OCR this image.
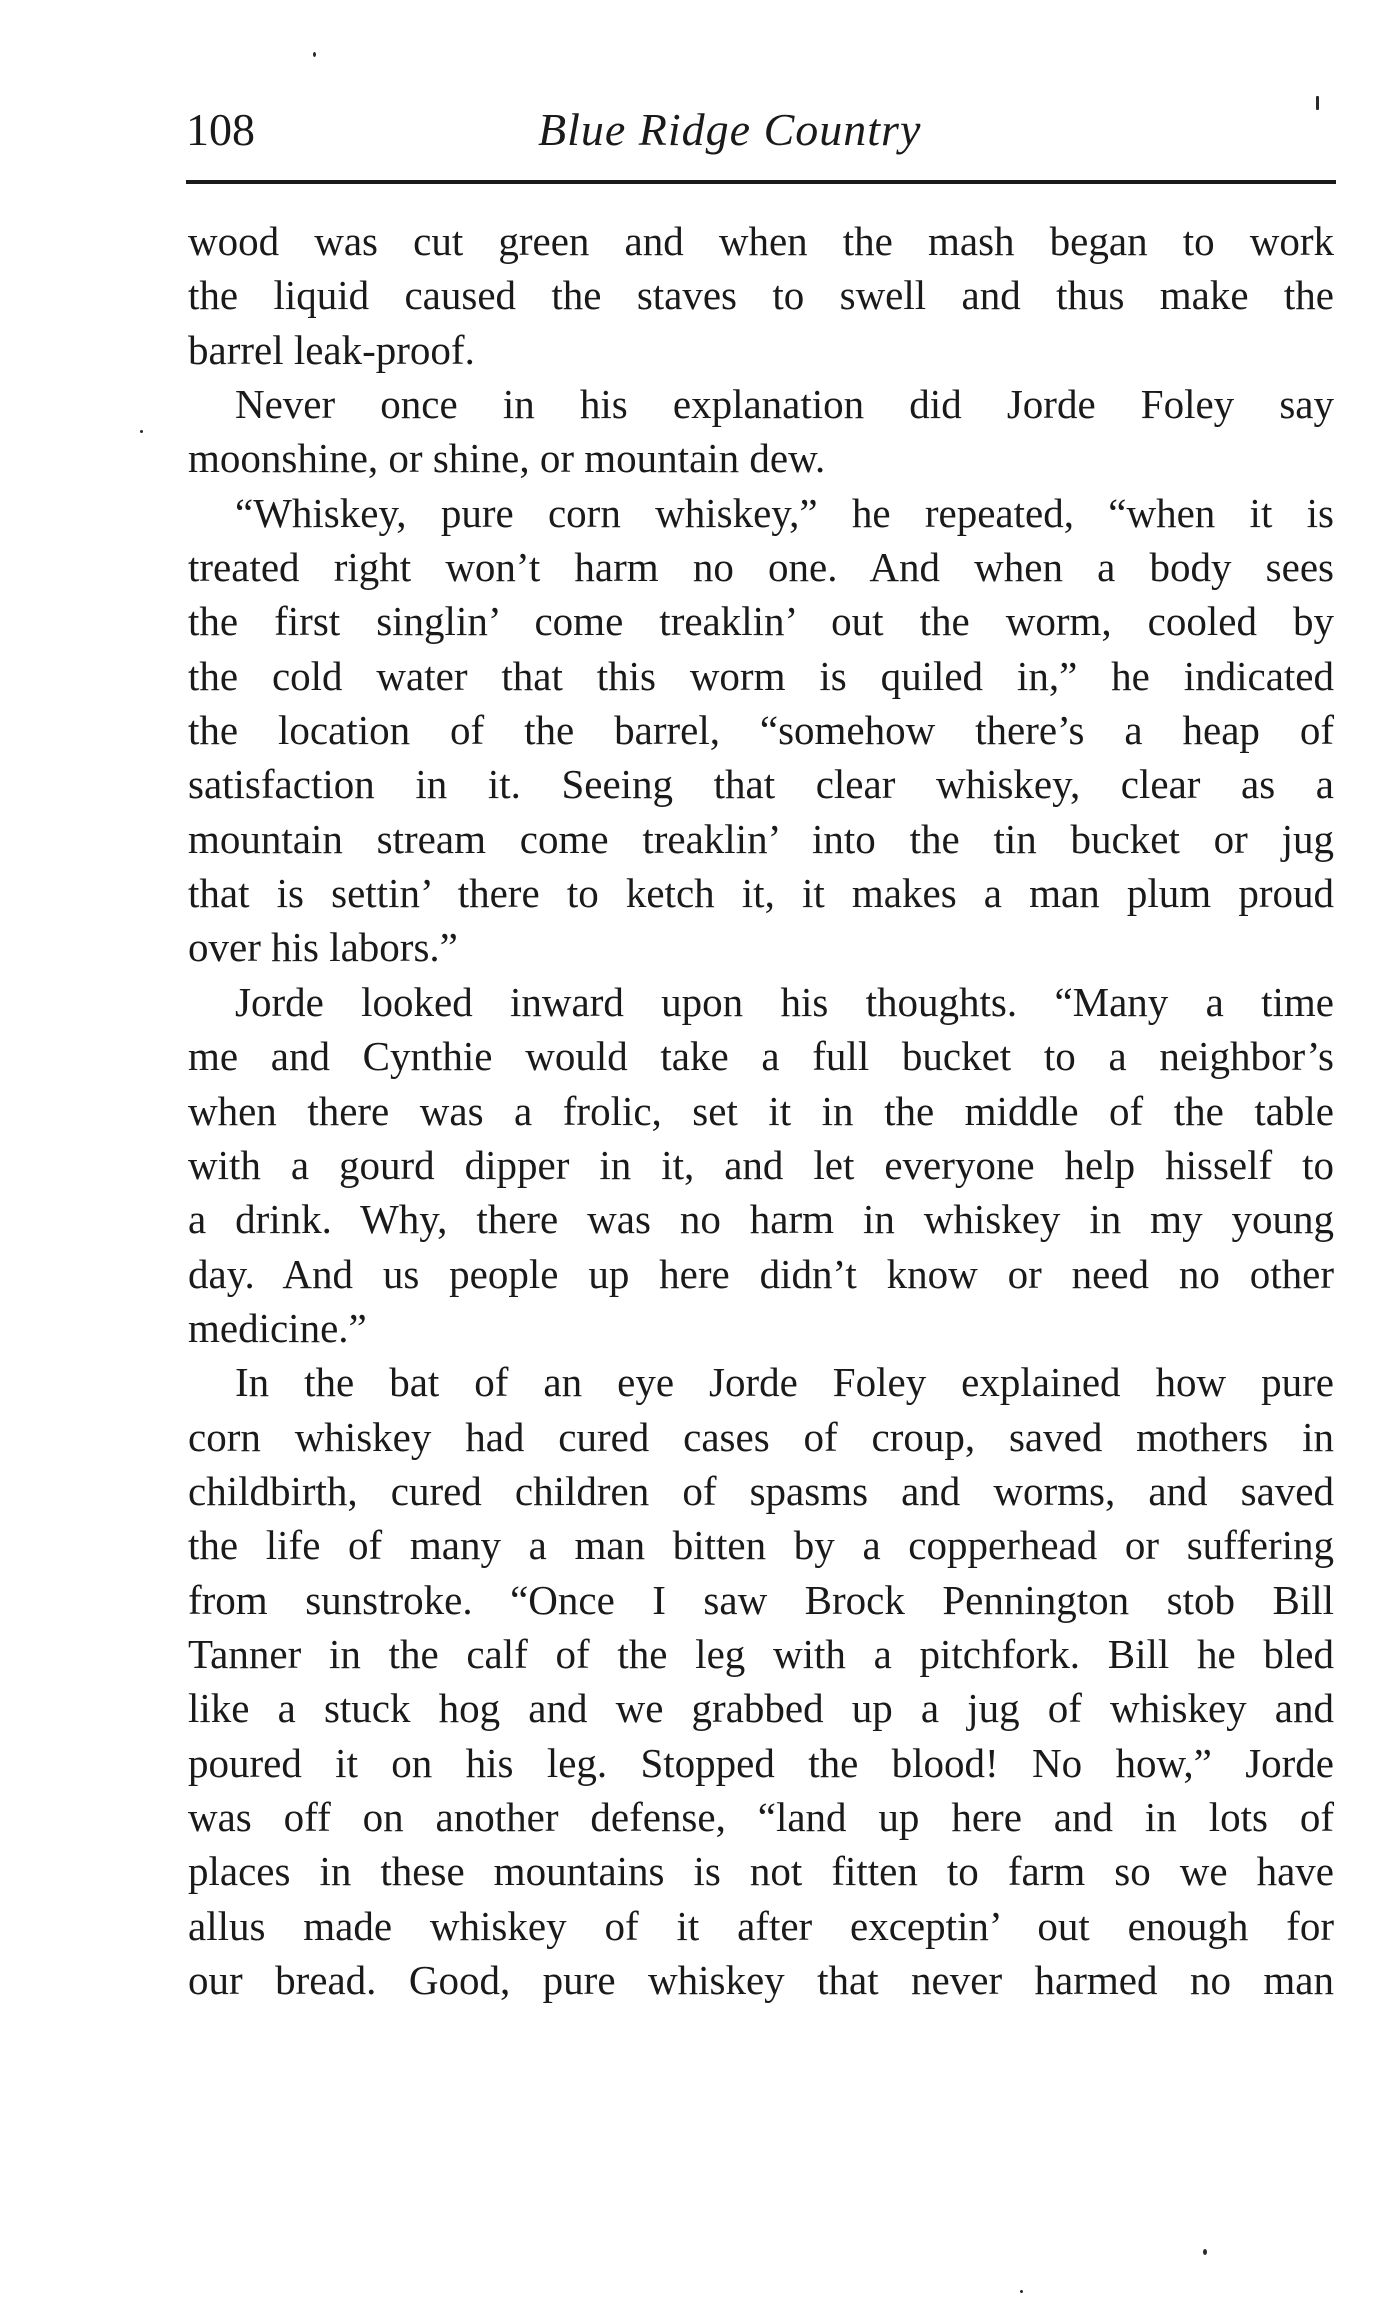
108	Blue Ridge Country
wood was cut green and when the mash began to work
the liquid caused the staves to swell and thus make the
barrel leak-proof.
Never once in his explanation did Jorde Foley say
moonshine, or shine, or mountain dew.
“Whiskey, pure corn whiskey,” he repeated, “when it is
treated right won’t harm no one. And when a body sees
the first singlin’ come treaklin’ out the worm, cooled by
the cold water that this worm is quiled in,” he indicated
the location of the barrel, “somehow there’s a heap of
satisfaction in it. Seeing that clear whiskey, clear as a
mountain stream come treaklin’ into the tin bucket or jug
that is settin’ there to ketch it, it makes a man plum proud
over his labors.”
Jorde looked inward upon his thoughts. “Many a time
me and Cynthie would take a full bucket to a neighbor’s
when there was a frolic, set it in the middle of the table
with a gourd dipper in it, and let everyone help hisself to
a drink. Why, there was no harm in whiskey in my young
day. And us people up here didn’t know or need no other
medicine.”
In the bat of an eye Jorde Foley explained how pure
corn whiskey had cured cases of croup, saved mothers in
childbirth, cured children of spasms and worms, and saved
the life of many a man bitten by a copperhead or suffering
from sunstroke. “Once I saw Brock Pennington stob Bill
Tanner in the calf of the leg with a pitchfork. Bill he bled
like a stuck hog and we grabbed up a jug of whiskey and
poured it on his leg. Stopped the blood! No how,” Jorde
was off on another defense, “land up here and in lots of
places in these mountains is not fitten to farm so we have
allus made whiskey of it after exceptin’ out enough for
our bread. Good, pure whiskey that never harmed no man
